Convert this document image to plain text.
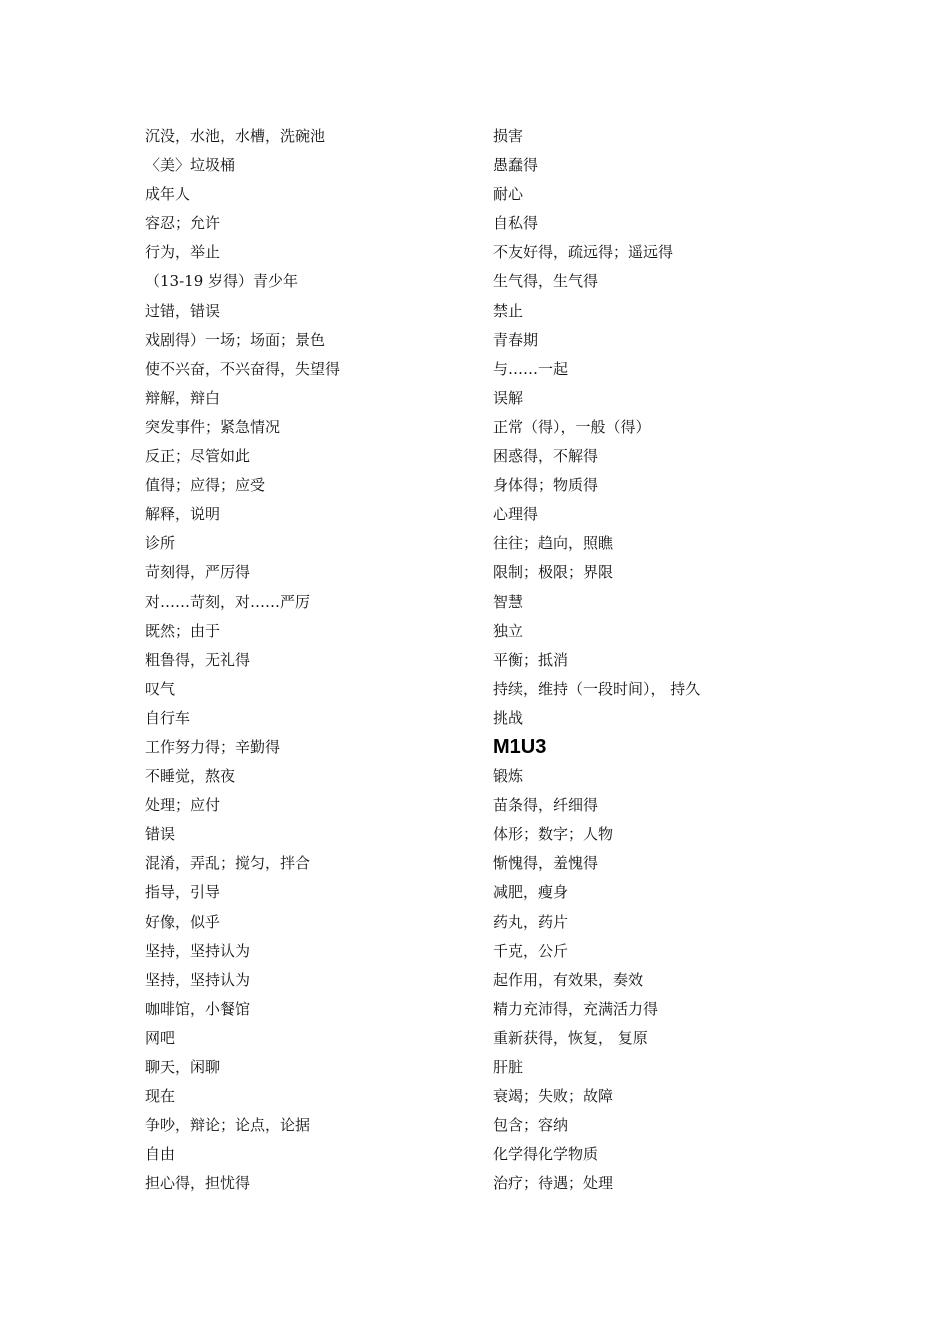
沉没，水池，水槽，洗碗池
〈美〉垃圾桶
成年人
容忍；允许
行为，举止
（13-19 岁得）青少年
过错，错误
戏剧得）一场；场面；景色
使不兴奋，不兴奋得，失望得
辩解，辩白
突发事件；紧急情况
反正；尽管如此
值得；应得；应受
解释，说明
诊所
苛刻得，严厉得
对……苛刻，对……严厉
既然；由于
粗鲁得，无礼得
叹气
自行车
工作努力得；辛勤得
不睡觉，熬夜
处理；应付
错误
混淆，弄乱；搅匀，拌合
指导，引导
好像，似乎
坚持，坚持认为
坚持，坚持认为
咖啡馆，小餐馆
网吧
聊天，闲聊
现在
争吵，辩论；论点，论据
自由
担心得，担忧得
损害
愚蠢得
耐心
自私得
不友好得，疏远得；遥远得
生气得，生气得
禁止
青春期
与……一起
误解
正常（得），一般（得）
困惑得，不解得
身体得；物质得
心理得
往往；趋向，照瞧
限制；极限；界限
智慧
独立
平衡；抵消
持续，维持（一段时间）， 持久
挑战
M1U3
锻炼
苗条得，纤细得
体形；数字；人物
惭愧得，羞愧得
减肥，瘦身
药丸，药片
千克，公斤
起作用，有效果，奏效
精力充沛得，充满活力得
重新获得，恢复， 复原
肝脏
衰竭；失败；故障
包含；容纳
化学得化学物质
治疗；待遇；处理
